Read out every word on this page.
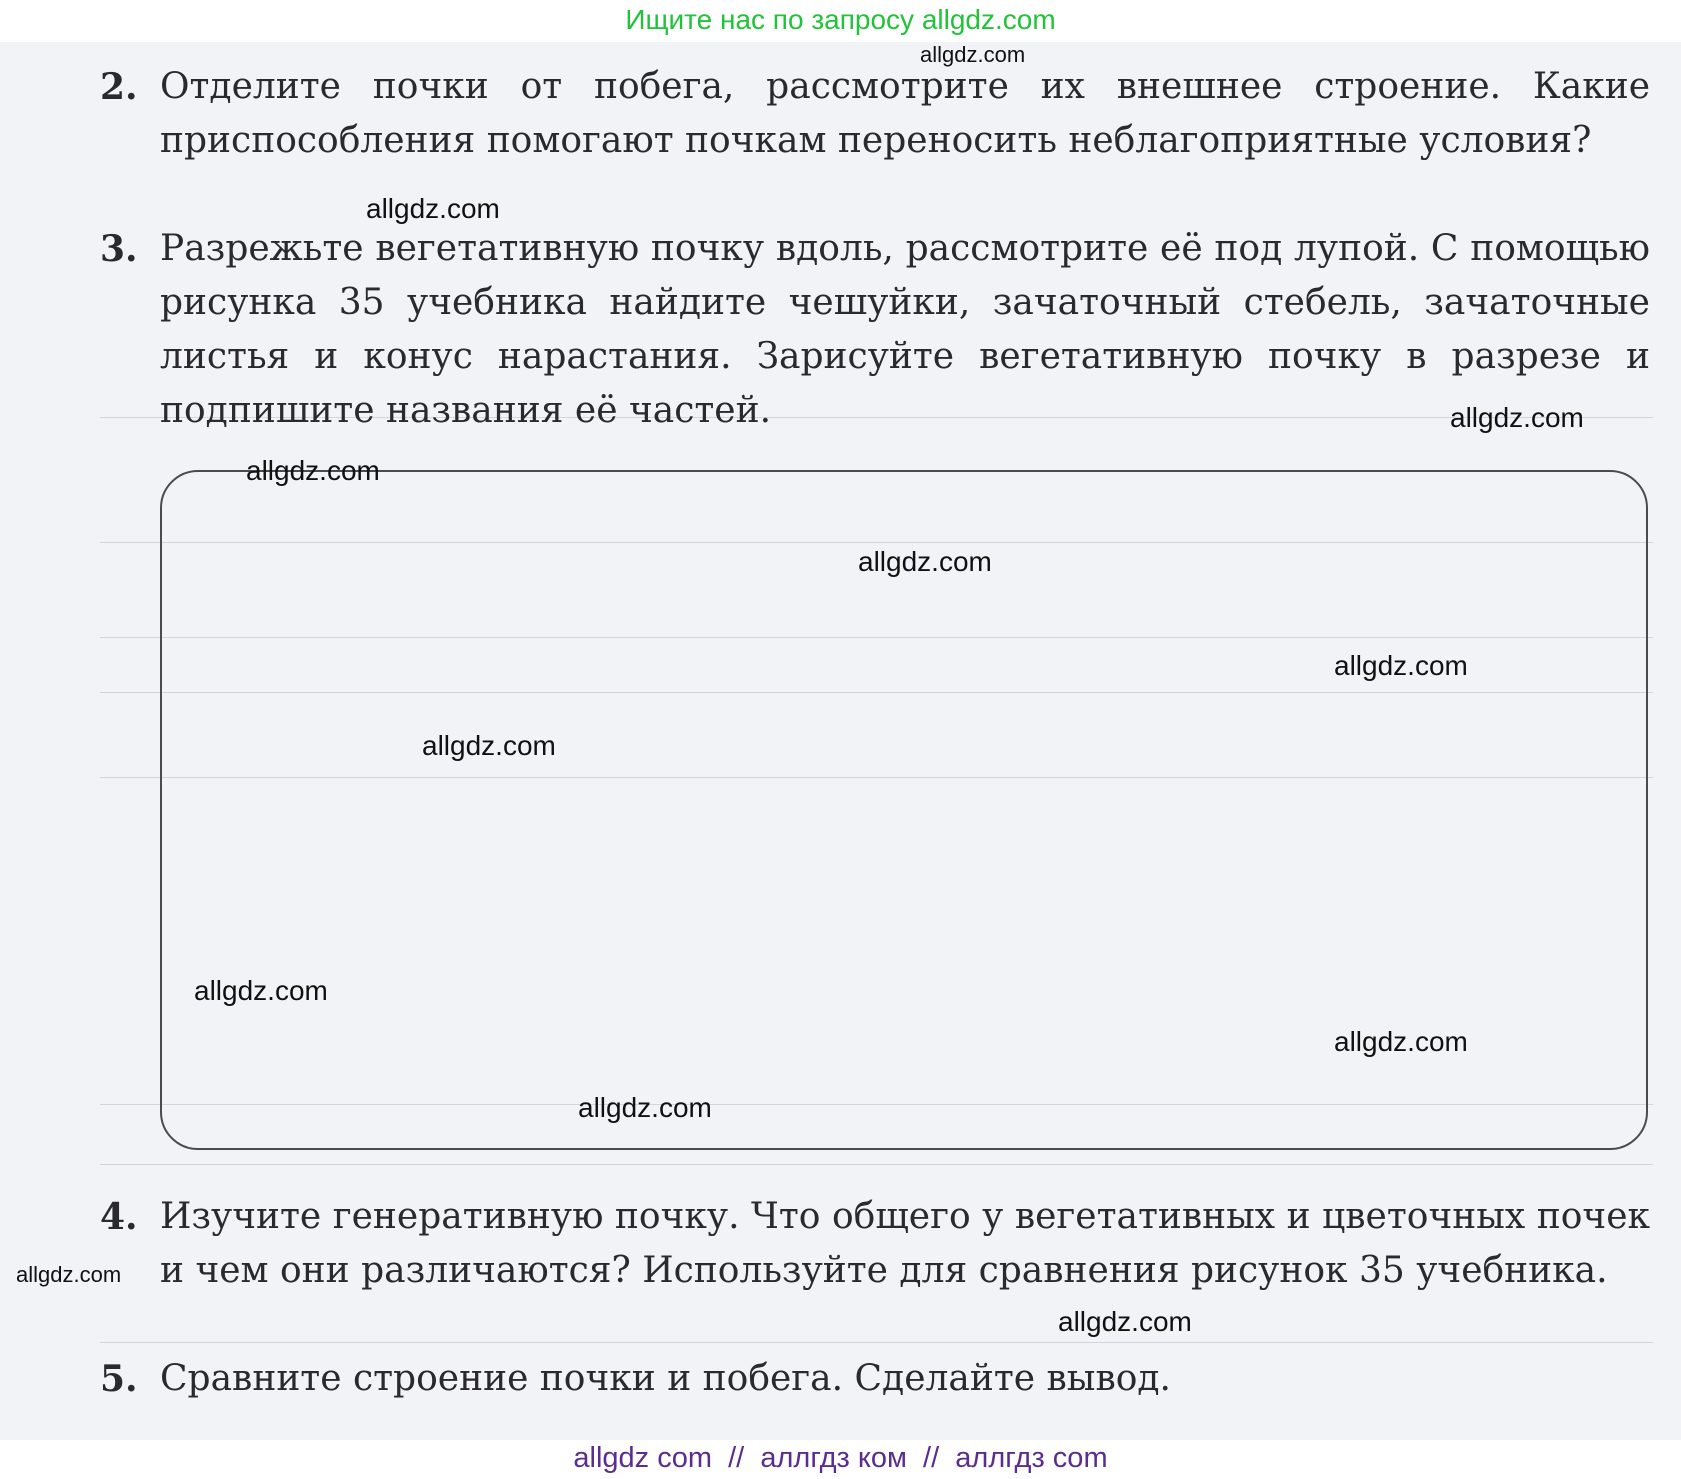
Ищите нас по запросу allgdz.com
2. Отделите почки от побега, рассмотрите их внешнее строение. Какие приспособления помогают почкам переносить неблагоприятные условия?
3. Разрежьте вегетативную почку вдоль, рассмотрите её под лупой. С помощью рисунка 35 учебника найдите чешуйки, зачаточный стебель, зачаточные листья и конус нарастания. Зарисуйте вегетативную почку в разрезе и подпишите названия её частей.
4. Изучите генеративную почку. Что общего у вегетативных и цветочных почек и чем они различаются? Используйте для сравнения рисунок 35 учебника.
5. Сравните строение почки и побега. Сделайте вывод.
allgdz.com
allgdz.com
allgdz.com
allgdz.com
allgdz.com
allgdz.com
allgdz.com
allgdz.com
allgdz.com
allgdz.com
allgdz.com
allgdz.com
allgdz com  //  аллгдз ком  //  аллгдз com
